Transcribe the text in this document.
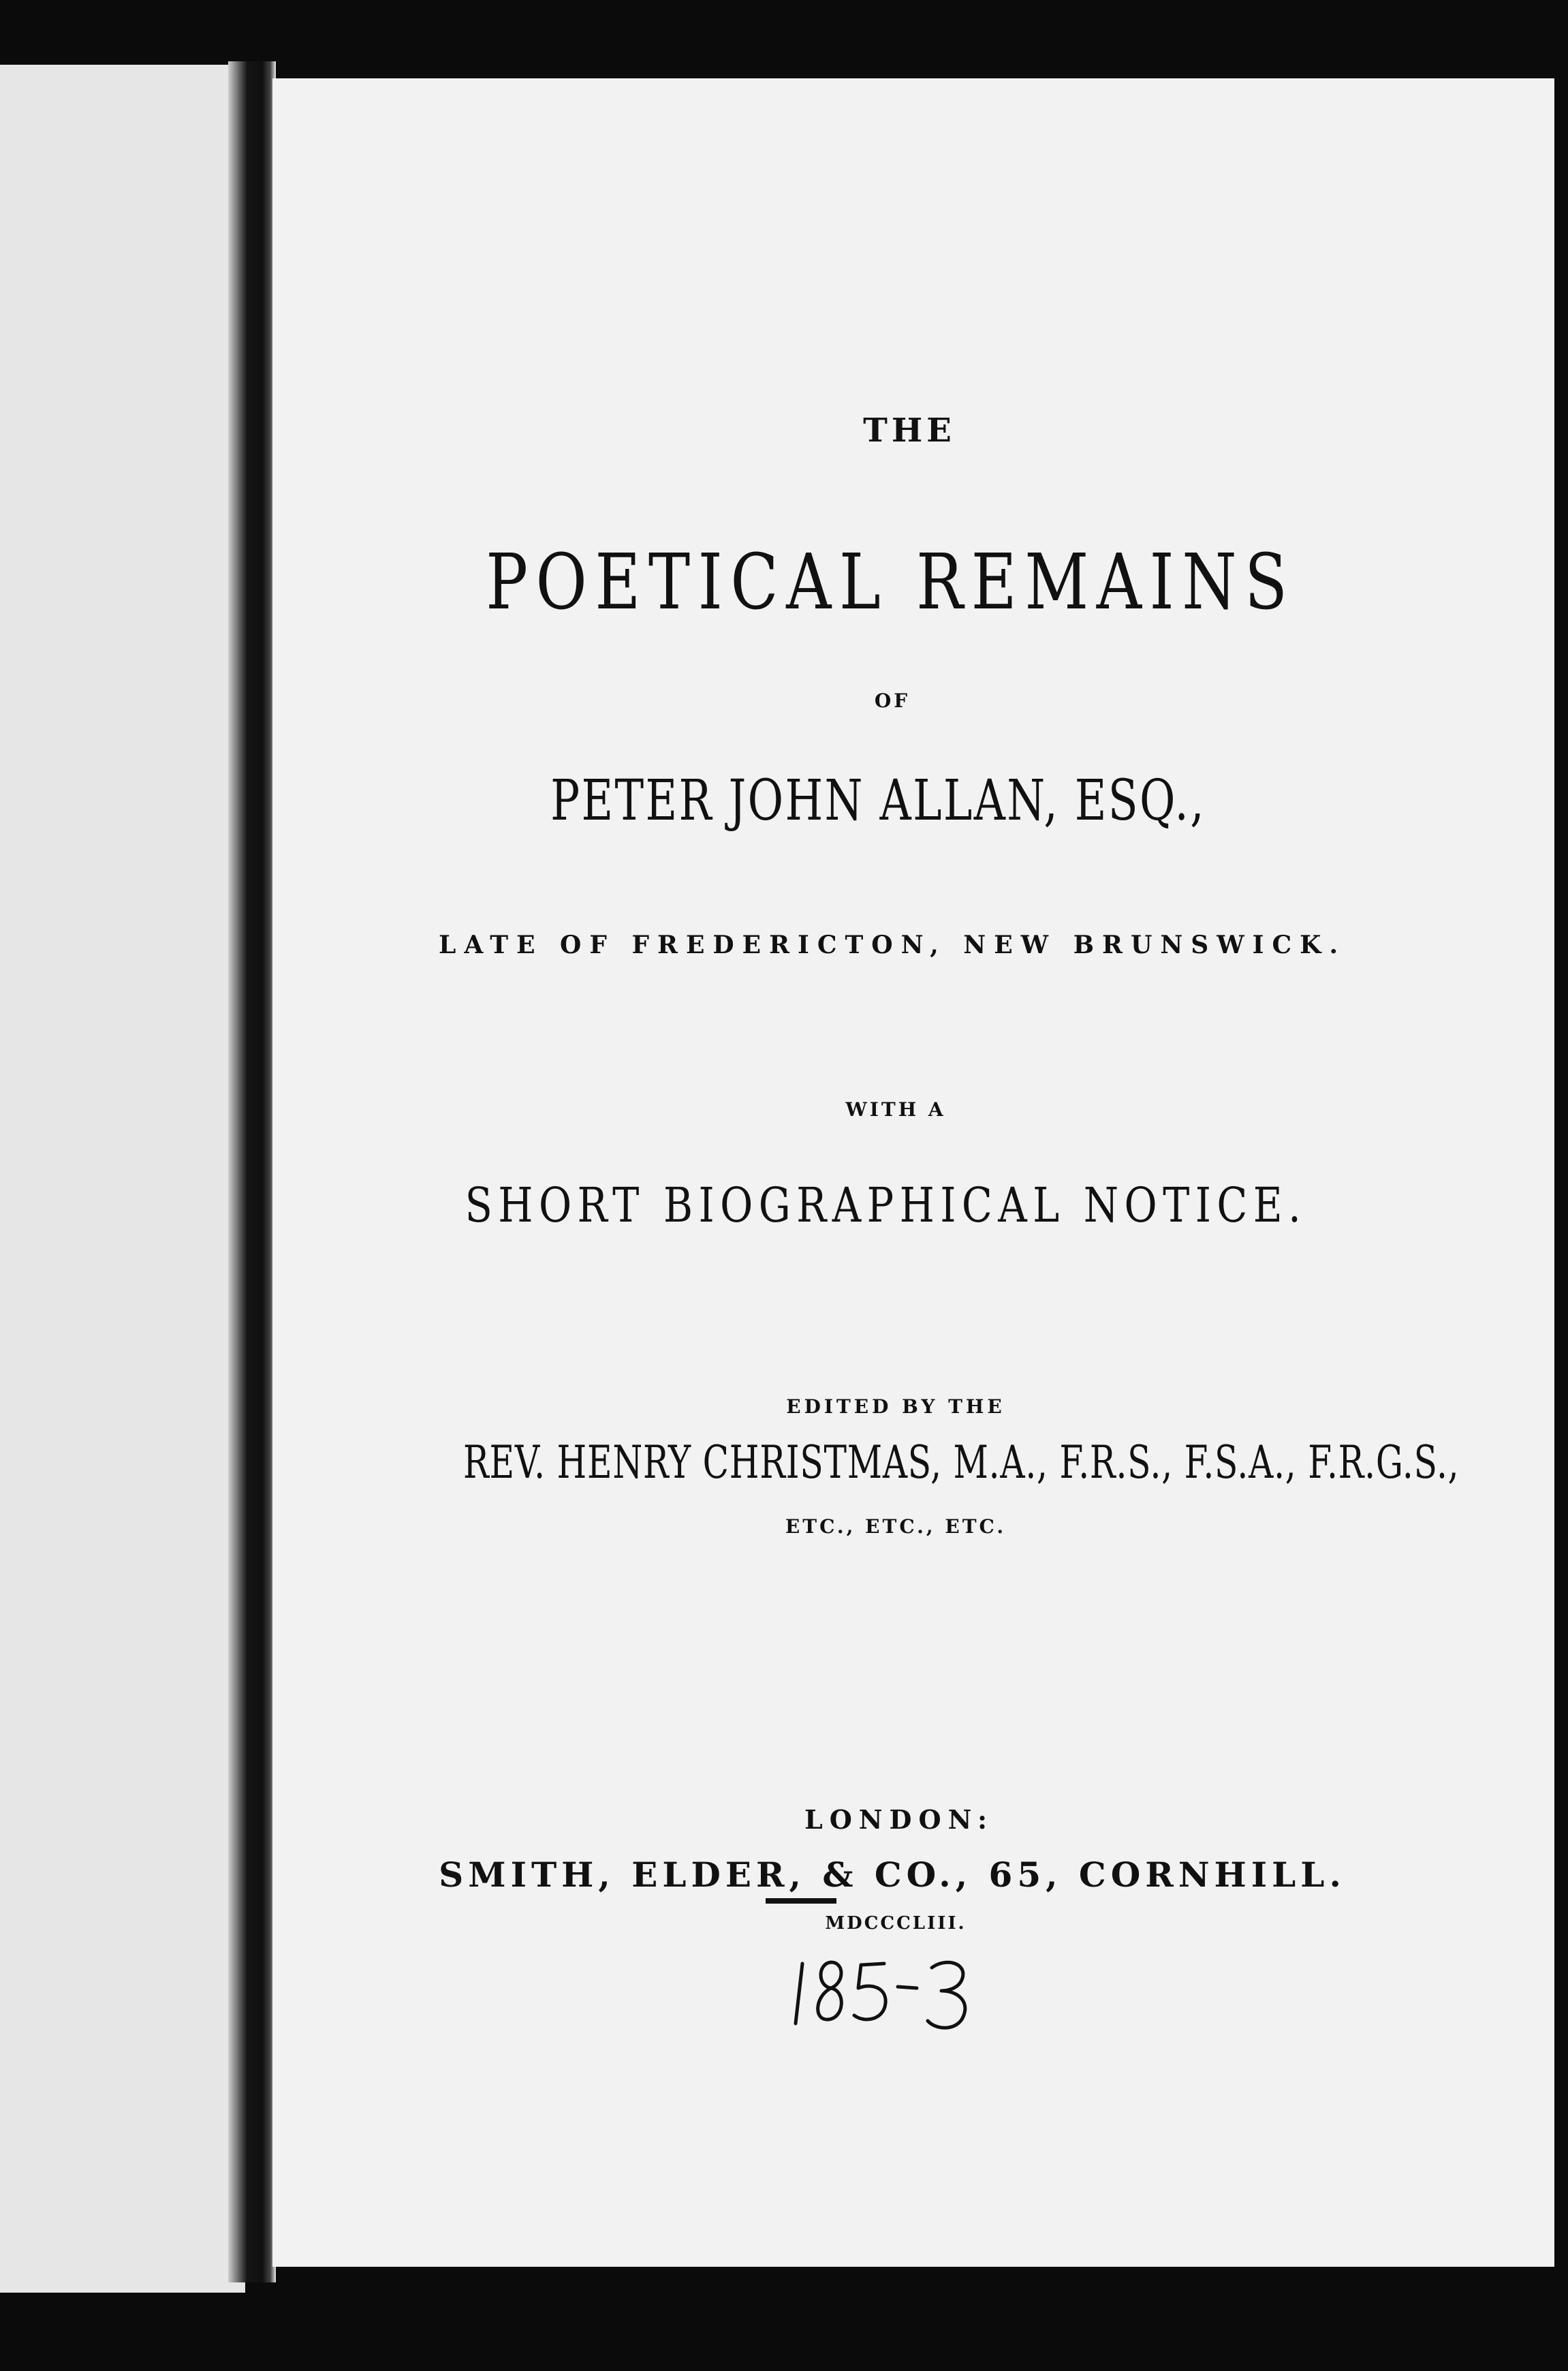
THE
POETICAL REMAINS
OF
PETER JOHN ALLAN, ESQ.,
LATE OF FREDERICTON, NEW BRUNSWICK.
WITH A
SHORT BIOGRAPHICAL NOTICE.
EDITED BY THE
REV. HENRY CHRISTMAS, M.A., F.R.S., F.S.A., F.R.G.S.,
ETC., ETC., ETC.
LONDON:
SMITH, ELDER, & CO., 65, CORNHILL.
MDCCCLIII.
